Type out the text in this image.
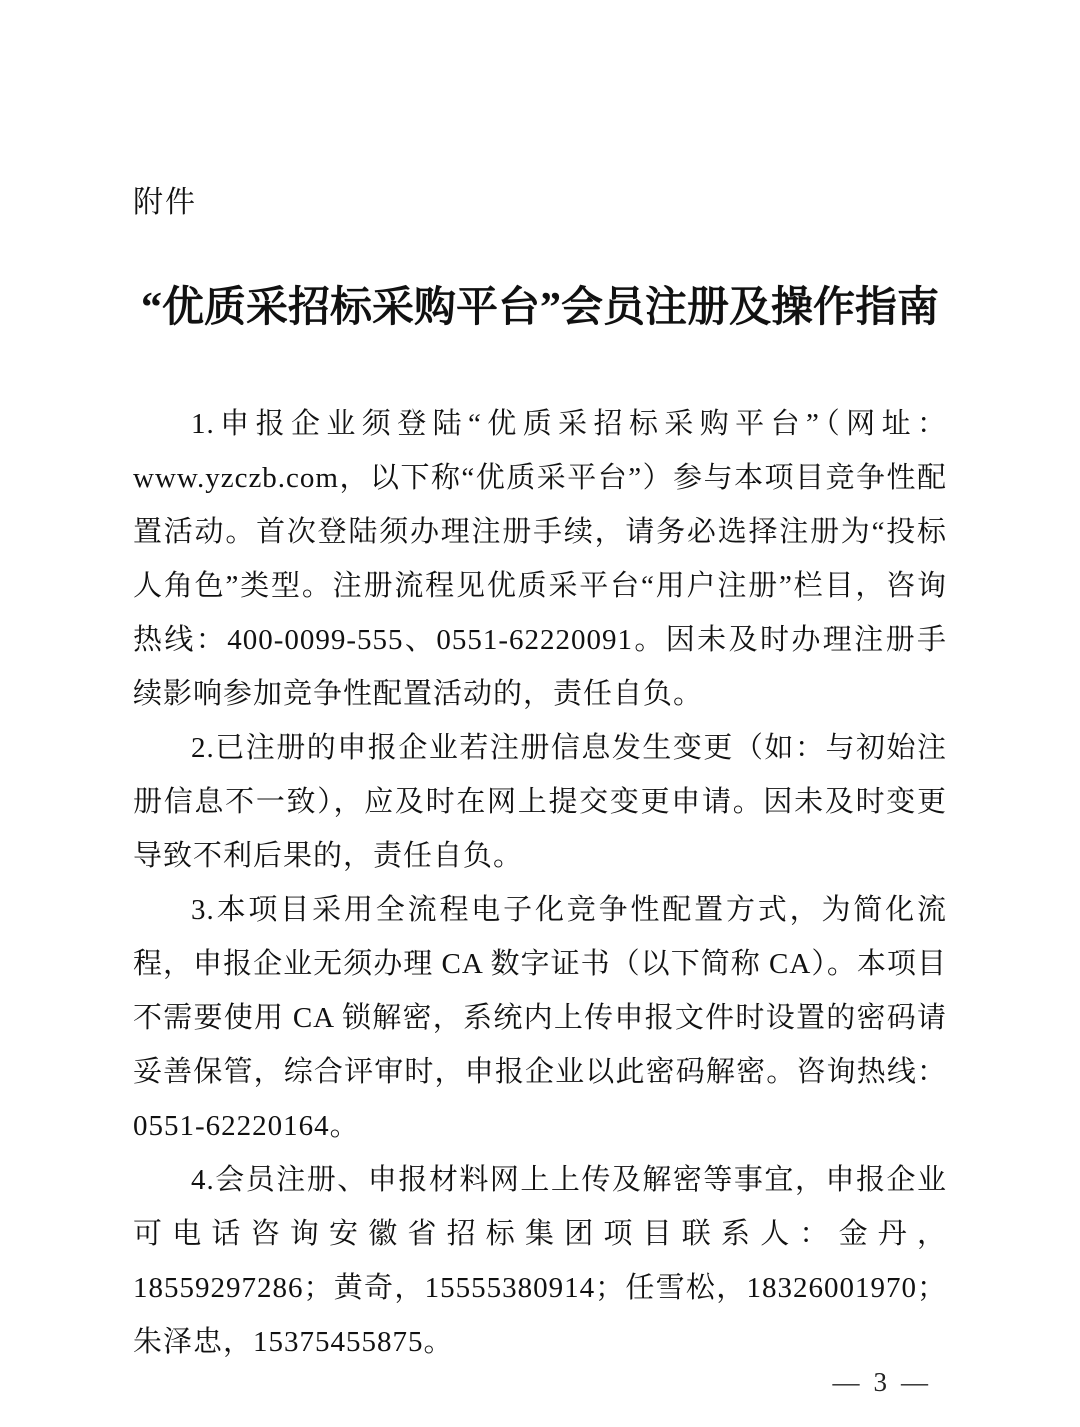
附件
“优质采招标采购平台”会员注册及操作指南

1.申报企业须登陆“优质采招标采购平台”（网址：www.yzczb.com，以下称“优质采平台”）参与本项目竞争性配置活动。首次登陆须办理注册手续，请务必选择注册为“投标人角色”类型。注册流程见优质采平台“用户注册”栏目，咨询热线：400-0099-555、0551-62220091。因未及时办理注册手续影响参加竞争性配置活动的，责任自负。

2.已注册的申报企业若注册信息发生变更（如：与初始注册信息不一致），应及时在网上提交变更申请。因未及时变更导致不利后果的，责任自负。

3.本项目采用全流程电子化竞争性配置方式，为简化流程，申报企业无须办理 CA 数字证书（以下简称 CA）。本项目不需要使用 CA 锁解密，系统内上传申报文件时设置的密码请妥善保管，综合评审时，申报企业以此密码解密。咨询热线：0551-62220164。

4.会员注册、申报材料网上上传及解密等事宜，申报企业可电话咨询安徽省招标集团项目联系人：金丹，18559297286；黄奇，15555380914；任雪松，18326001970；朱泽忠，15375455875。

— 3 —
